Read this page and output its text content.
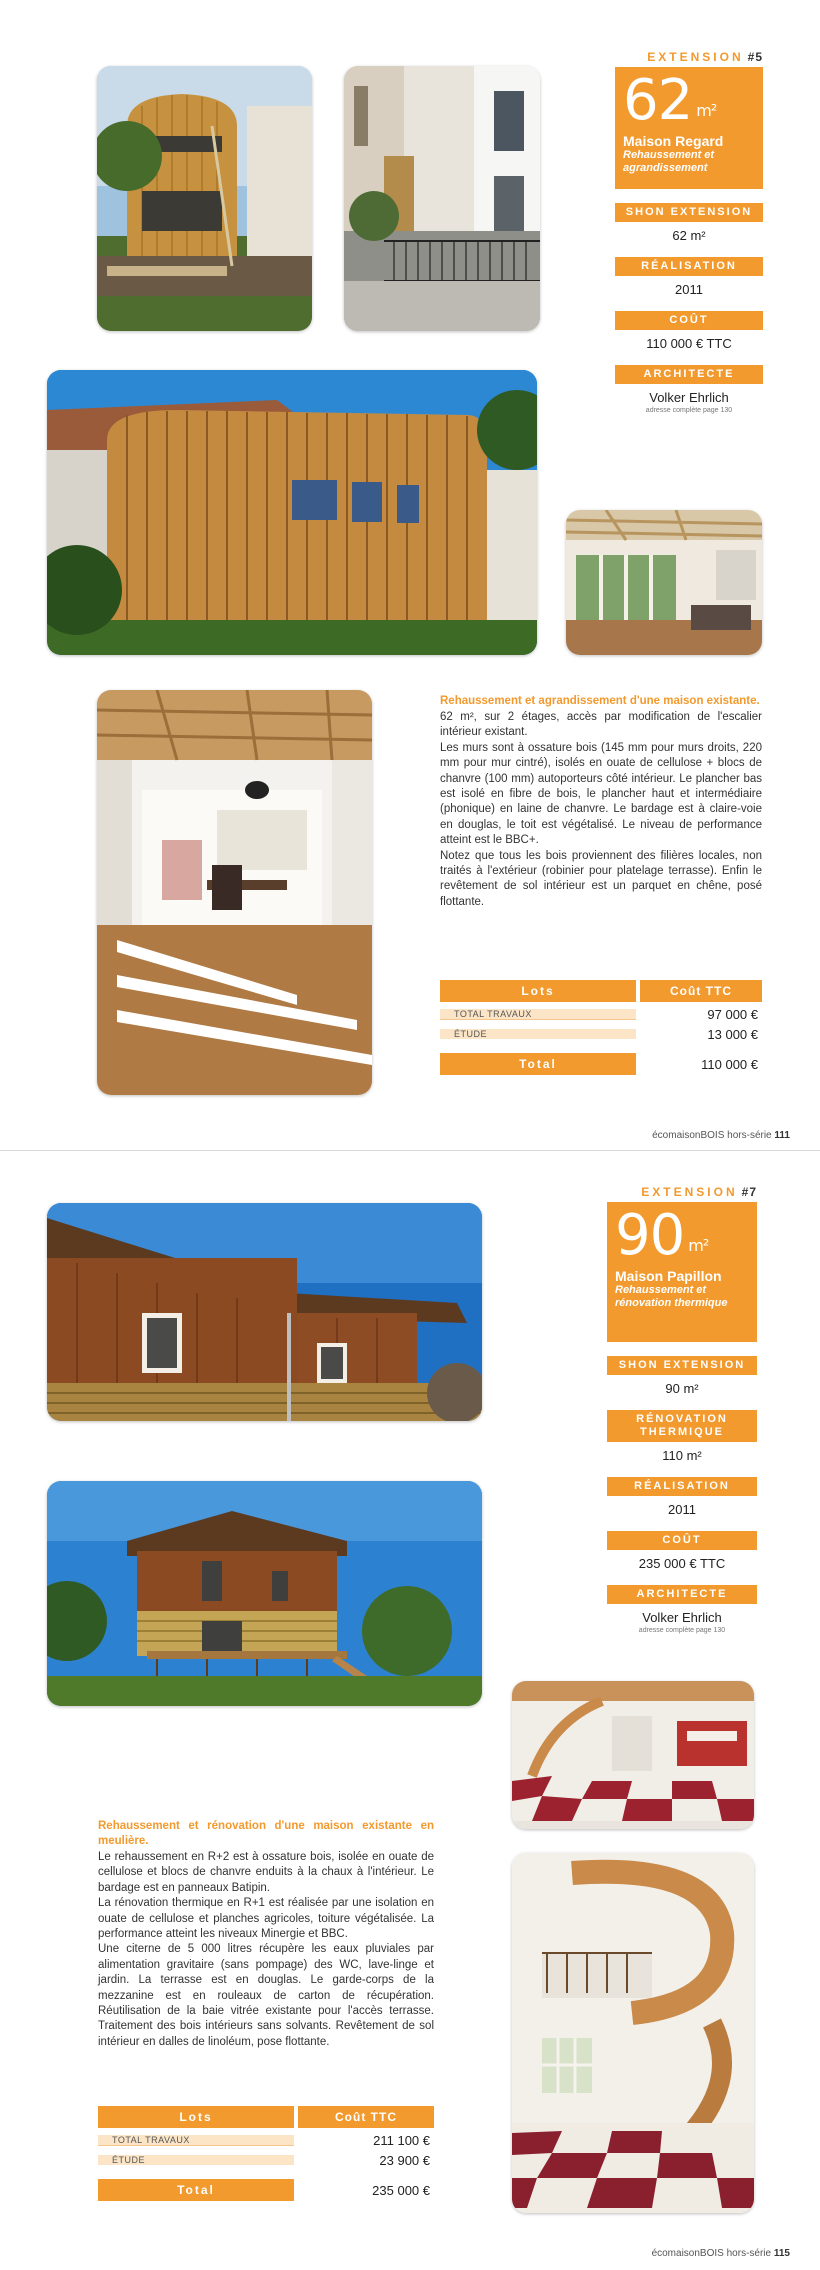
EXTENSION #5
62 $^{m^2}$
Maison Regard
Rehaussement et agrandissement
SHON EXTENSION
62 m²
RÉALISATION
2011
COÛT
110 000 € TTC
ARCHITECTE
Volker Ehrlich
adresse complète page 130
Rehaussement et agrandissement d'une maison existante.

62 m², sur 2 étages, accès par modification de l'escalier intérieur existant.

Les murs sont à ossature bois (145 mm pour murs droits, 220 mm pour mur cintré), isolés en ouate de cellulose + blocs de chanvre (100 mm) autoporteurs côté intérieur. Le plancher bas est isolé en fibre de bois, le plancher haut et intermédiaire (phonique) en laine de chanvre. Le bardage est à claire-voie en douglas, le toit est végétalisé. Le niveau de performance atteint est le BBC+.

Notez que tous les bois proviennent des filières locales, non traités à l'extérieur (robinier pour platelage terrasse). Enfin le revêtement de sol intérieur est un parquet en chêne, posé flottante.

Lots	Coût TTC
TOTAL TRAVAUX	97 000 €
ÉTUDE	13 000 €
Total	110 000 €
écomaisonBOIS hors-série 111
EXTENSION #7
90 $^{m^2}$
Maison Papillon
Rehaussement et rénovation thermique
SHON EXTENSION
90 m²
RÉNOVATION THERMIQUE
110 m²
RÉALISATION
2011
COÛT
235 000 € TTC
ARCHITECTE
Volker Ehrlich
adresse complète page 130
Rehaussement et rénovation d'une maison existante en meulière.

Le rehaussement en R+2 est à ossature bois, isolée en ouate de cellulose et blocs de chanvre enduits à la chaux à l'intérieur. Le bardage est en panneaux Batipin.

La rénovation thermique en R+1 est réalisée par une isolation en ouate de cellulose et planches agricoles, toiture végétalisée. La performance atteint les niveaux Minergie et BBC.

Une citerne de 5 000 litres récupère les eaux pluviales par alimentation gravitaire (sans pompage) des WC, lave-linge et jardin. La terrasse est en douglas. Le garde-corps de la mezzanine est en rouleaux de carton de récupération. Réutilisation de la baie vitrée existante pour l'accès terrasse. Traitement des bois intérieurs sans solvants. Revêtement de sol intérieur en dalles de linoléum, pose flottante.

Lots	Coût TTC
TOTAL TRAVAUX	211 100 €
ÉTUDE	23 900 €
Total	235 000 €
écomaisonBOIS hors-série 115
